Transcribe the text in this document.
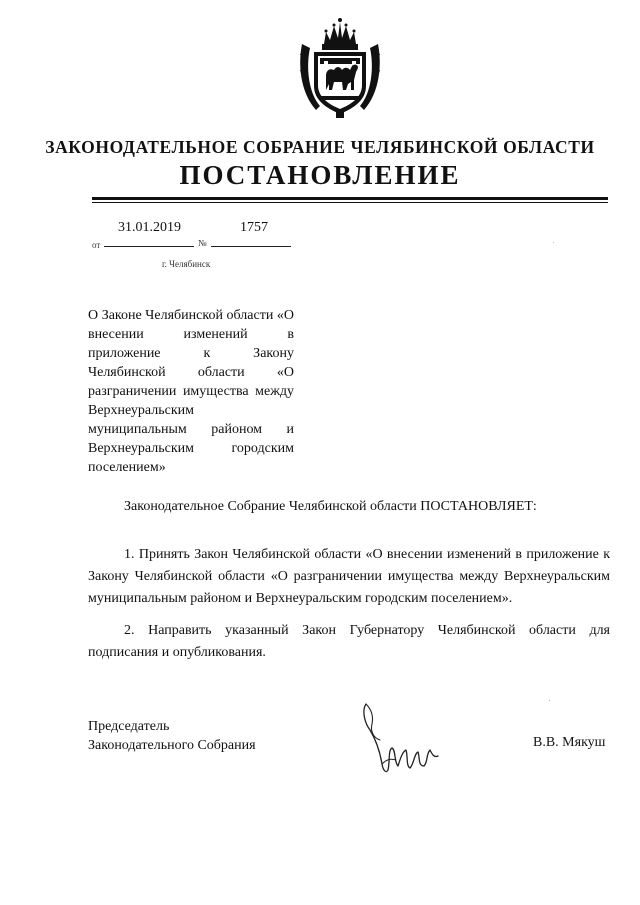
ЗАКОНОДАТЕЛЬНОЕ СОБРАНИЕ ЧЕЛЯБИНСКОЙ ОБЛАСТИ
ПОСТАНОВЛЕНИЕ
31.01.2019	1757
от	№
г. Челябинск
О Законе Челябинской области «О внесении изменений в приложение к Закону Челябинской области «О разграничении имущества между Верхнеуральским муниципальным районом и Верхнеуральским городским поселением»
Законодательное Собрание Челябинской области ПОСТАНОВЛЯЕТ:
1. Принять Закон Челябинской области «О внесении изменений в приложение к Закону Челябинской области «О разграничении имущества между Верхнеуральским муниципальным районом и Верхнеуральским городским поселением».
2. Направить указанный Закон Губернатору Челябинской области для подписания и опубликования.
Председатель
Законодательного Собрания	В.В. Мякуш
